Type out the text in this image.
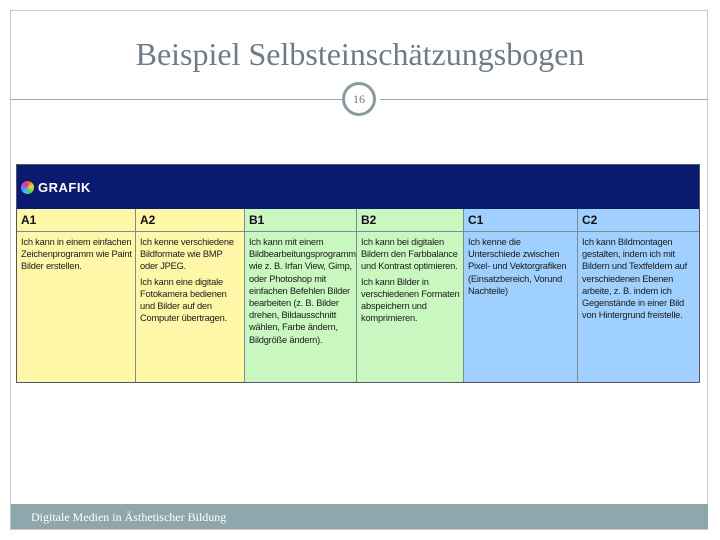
Beispiel Selbsteinschätzungsbogen
16
GRAFIK
A1

Ich kann in einem einfachen Zeichenprogramm wie Paint Bilder erstellen.

A2

Ich kenne verschiedene Bildformate wie BMP oder JPEG.

Ich kann eine digitale Fotokamera bedienen und Bilder auf den Computer übertragen.

B1

Ich kann mit einem Bildbearbeitungsprogramm wie z. B. Irfan View, Gimp, oder Photoshop mit einfachen Befehlen Bilder bearbeiten (z. B. Bilder drehen, Bildausschnitt wählen, Farbe ändern, Bildgröße ändern).

B2

Ich kann bei digitalen Bildern den Farbbalance und Kontrast optimieren.

Ich kann Bilder in verschiedenen Formaten abspeichern und komprimieren.

C1

Ich kenne die Unterschiede zwischen Pixel- und Vektorgrafiken (Einsatzbereich, Vorund Nachteile)

C2

Ich kann Bildmontagen gestalten, indem ich mit Bildern und Textfeldern auf verschiedenen Ebenen arbeite, z. B. indem ich Gegenstände in einer Bild von Hintergrund freistelle.

Digitale Medien in Ästhetischer Bildung
